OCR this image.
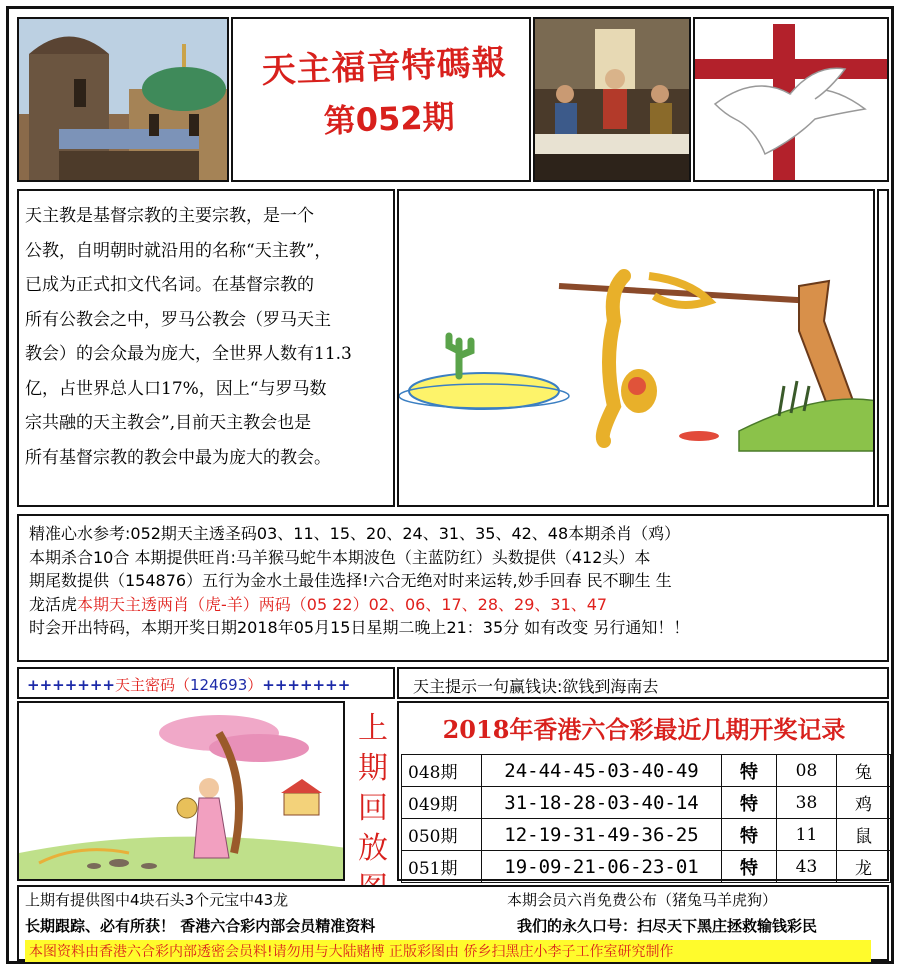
天主福音特碼報
第052期

天主教是基督宗教的主要宗教，是一个

公教，自明朝时就沿用的名称“天主教”，

已成为正式扣文代名词。在基督宗教的

所有公教会之中，罗马公教会（罗马天主

教会）的会众最为庞大，全世界人数有11.3

亿，占世界总人口17%，因上“与罗马数

宗共融的天主教会”,目前天主教会也是

所有基督宗教的教会中最为庞大的教会。

精准心水参考:052期天主透圣码03、11、15、20、24、31、35、42、48本期杀肖（鸡）
本期杀合10合 本期提供旺肖:马羊猴马蛇牛本期波色（主蓝防红）头数提供（412头）本
期尾数提供（154876）五行为金水土最佳选择!六合无绝对时来运转,妙手回春 民不聊生 生
龙活虎本期天主透两肖（虎-羊）两码（05 22）02、06、17、28、29、31、47
时会开出特码，本期开奖日期2018年05月15日星期二晚上21：35分 如有改变 另行通知！！
+++++++天主密码（124693）+++++++	天主提示一句赢钱诀:欲钱到海南去
上
期
回
放
2018年香港六合彩最近几期开奖记录
048期	24-44-45-03-40-49	特	08	兔
049期	31-18-28-03-40-14	特	38	鸡
050期	12-19-31-49-36-25	特	11	鼠
051期	19-09-21-06-23-01	特	43	龙
上期有提供图中4块石头3个元宝中43龙	本期会员六肖免费公布（猪兔马羊虎狗）
长期跟踪、必有所获！ 香港六合彩内部会员精准资料	我们的永久口号：扫尽天下黑庄拯救输钱彩民
本图资料由香港六合彩内部透密会员料!请勿用与大陆赌博 正版彩图由 侨乡扫黑庄小李子工作室研究制作
